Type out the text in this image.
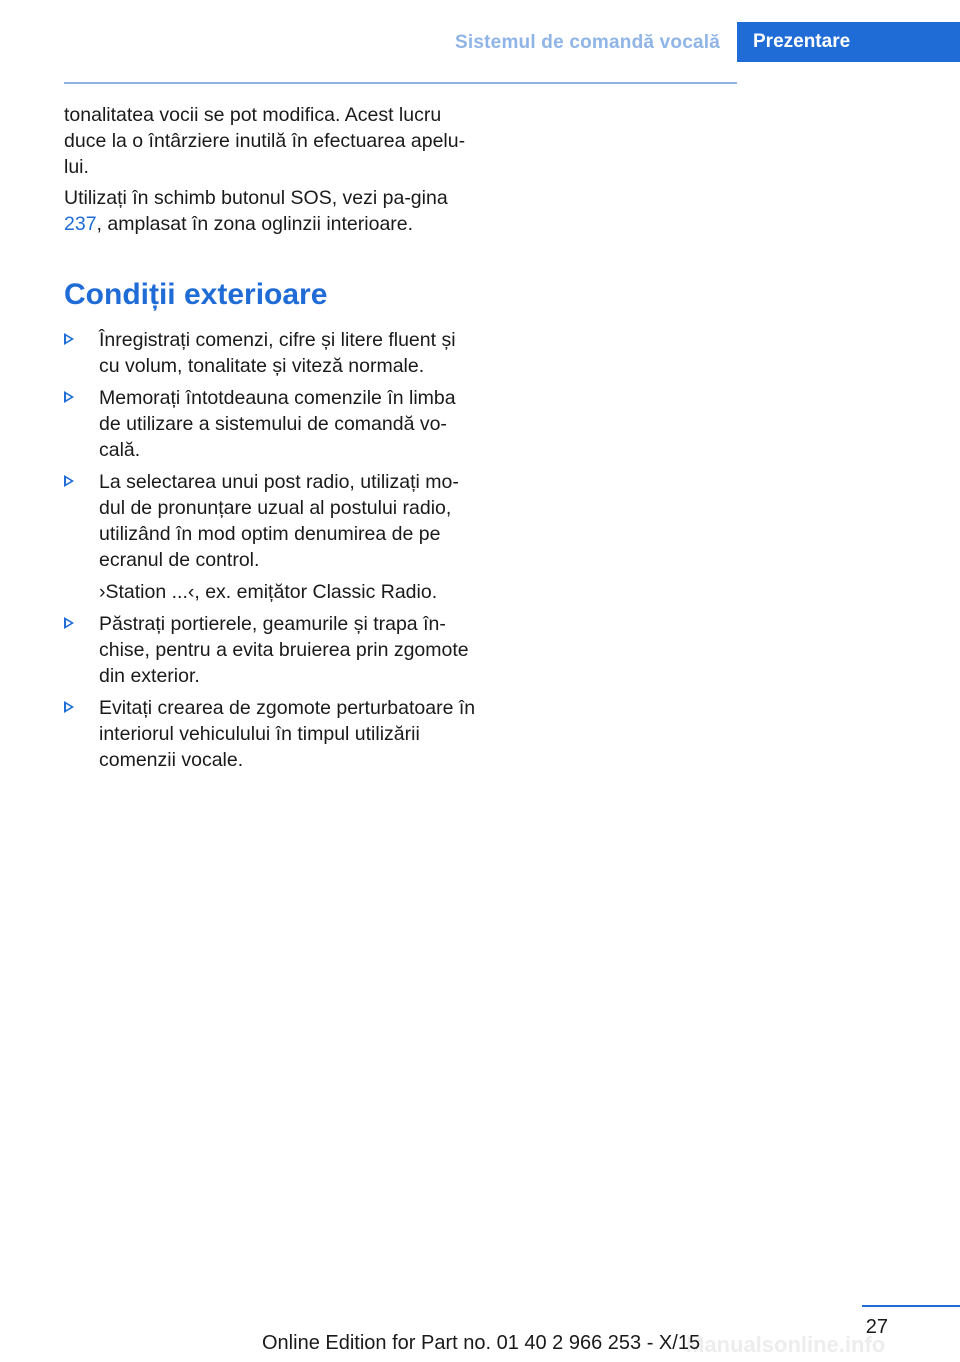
Sistemul de comandă vocală	Prezentare

tonalitatea vocii se pot modifica. Acest lucru duce la o întârziere inutilă în efectuarea apelu‐lui.

Utilizați în schimb butonul SOS, vezi pa‐gina 237, amplasat în zona oglinzii interioare.

Condiții exterioare
Înregistrați comenzi, cifre și litere fluent și cu volum, tonalitate și viteză normale.
Memorați întotdeauna comenzile în limba de utilizare a sistemului de comandă vo‐cală.
La selectarea unui post radio, utilizați mo‐dul de pronunțare uzual al postului radio, utilizând în mod optim denumirea de pe ecranul de control.
›Station ...‹, ex. emițător Classic Radio.
Păstrați portierele, geamurile și trapa în‐chise, pentru a evita bruierea prin zgomote din exterior.
Evitați crearea de zgomote perturbatoare în interiorul vehiculului în timpul utilizării comenzii vocale.
27
Manualsonline.info
Online Edition for Part no. 01 40 2 966 253 - X/15
